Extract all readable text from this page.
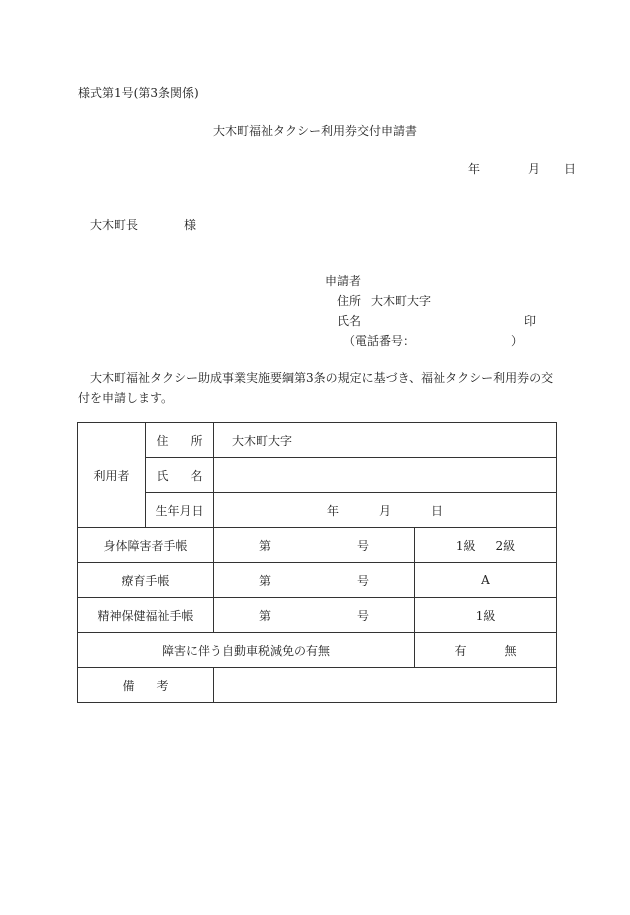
様式第1号(第3条関係)
大木町福祉タクシー利用券交付申請書
年	月 日
大木町長	様
申請者
住所 大木町大字
氏名	印
（電話番号：	）
大木町福祉タクシー助成事業実施要綱第3条の規定に基づき、福祉タクシー利用券の交付を申請します。
利用者	住 所	大木町大字	
	氏 名		
	生年月日	年 月 日	
身体障害者手帳		第 号	1級 2級
療育手帳		第 号	A
精神保健福祉手帳		第 号	1級
障害に伴う自動車税減免の有無			有 無
備 考			
